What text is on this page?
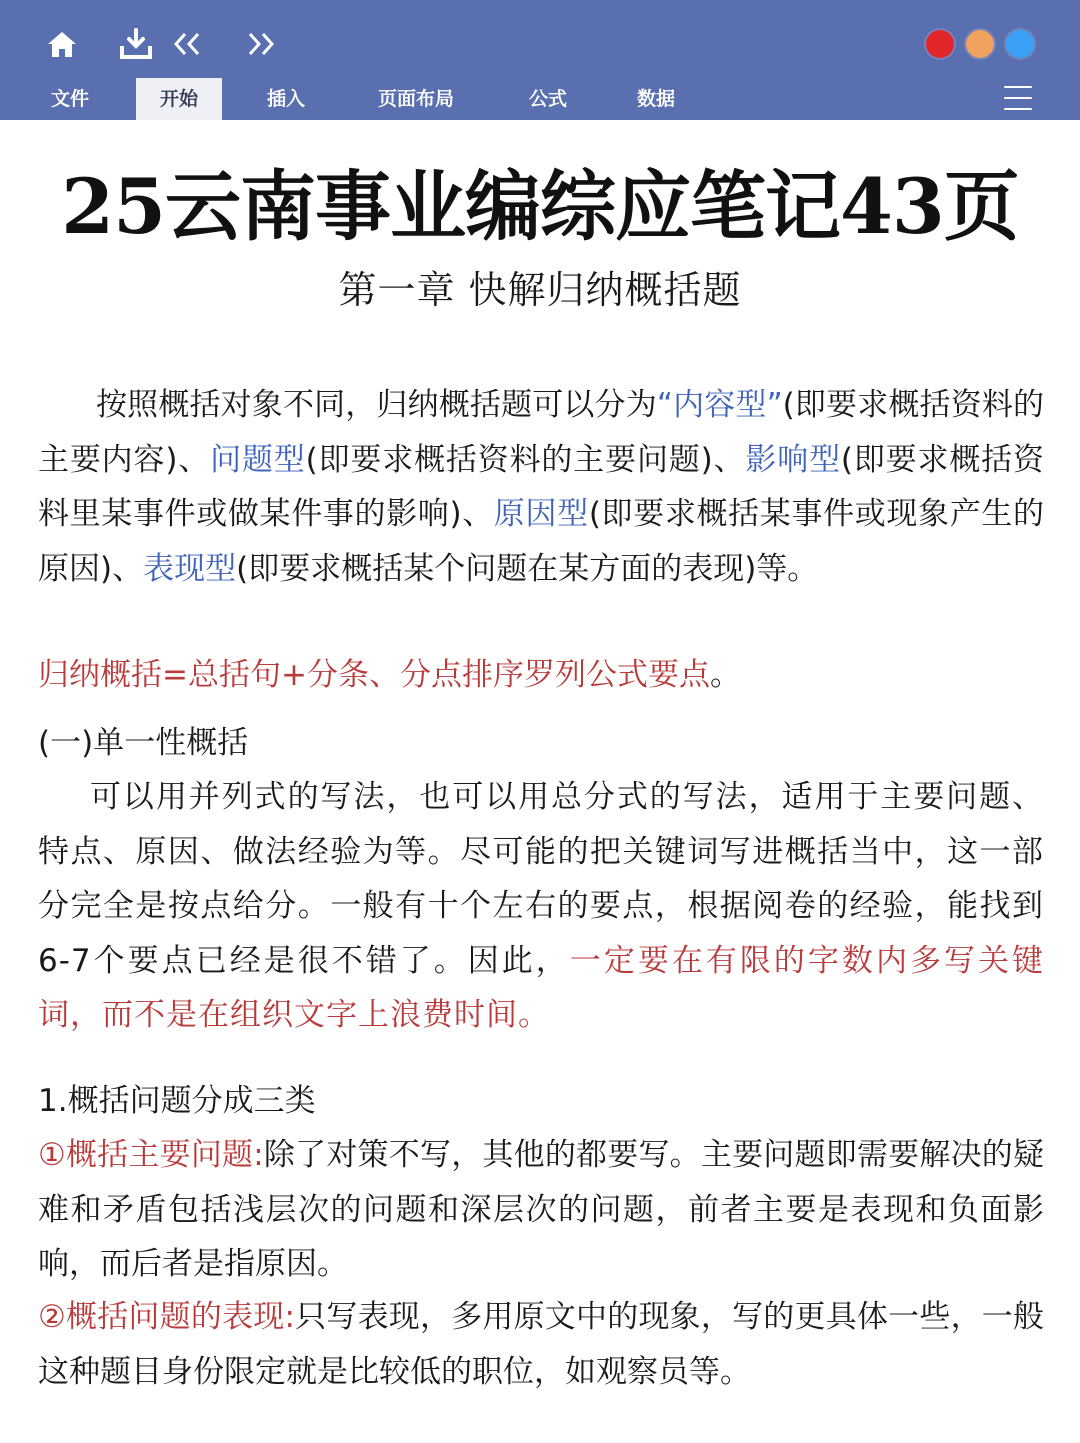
文件	开始	插入	页面布局	公式	数据
25云南事业编综应笔记43页
第一章 快解归纳概括题
按照概括对象不同，归纳概括题可以分为“内容型”(即要求概括资料的主要内容)、问题型(即要求概括资料的主要问题)、影响型(即要求概括资料里某事件或做某件事的影响)、原因型(即要求概括某事件或现象产生的原因)、表现型(即要求概括某个问题在某方面的表现)等。
归纳概括=总括句+分条、分点排序罗列公式要点。
(一)单一性概括
可以用并列式的写法，也可以用总分式的写法，适用于主要问题、特点、原因、做法经验为等。尽可能的把关键词写进概括当中，这一部分完全是按点给分。一般有十个左右的要点，根据阅卷的经验，能找到6-7个要点已经是很不错了。因此，一定要在有限的字数内多写关键词，而不是在组织文字上浪费时间。
1.概括问题分成三类
①概括主要问题:除了对策不写，其他的都要写。主要问题即需要解决的疑难和矛盾包括浅层次的问题和深层次的问题，前者主要是表现和负面影响，而后者是指原因。
②概括问题的表现:只写表现，多用原文中的现象，写的更具体一些，一般这种题目身份限定就是比较低的职位，如观察员等。
